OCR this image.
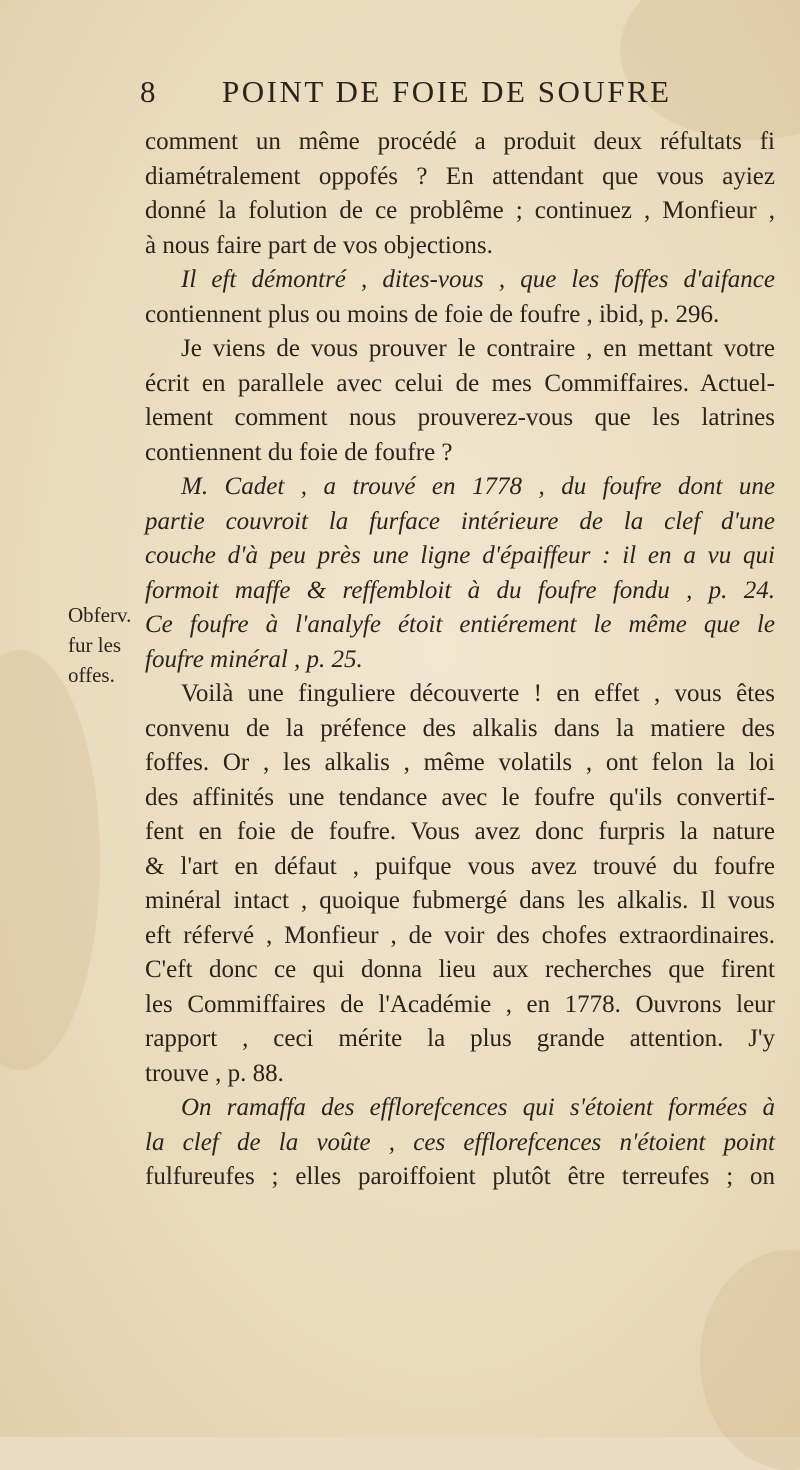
8 POINT DE FOIE DE SOUFRE
Obferv.
fur les
offes.
comment un même procédé a produit deux réfultats fi
diamétralement oppofés ? En attendant que vous ayiez
donné la folution de ce problême ; continuez , Monfieur ,
à nous faire part de vos objections.
Il eft démontré , dites-vous , que les foffes d'aifance
contiennent plus ou moins de foie de foufre , ibid, p. 296.
Je viens de vous prouver le contraire , en mettant votre
écrit en parallele avec celui de mes Commiffaires. Actuel-
lement comment nous prouverez-vous que les latrines
contiennent du foie de foufre ?
M. Cadet , a trouvé en 1778 , du foufre dont une
partie couvroit la furface intérieure de la clef d'une
couche d'à peu près une ligne d'épaiffeur : il en a vu qui
formoit maffe & reffembloit à du foufre fondu , p. 24.
Ce foufre à l'analyfe étoit entiérement le même que le
foufre minéral , p. 25.
Voilà une finguliere découverte ! en effet , vous êtes
convenu de la préfence des alkalis dans la matiere des
foffes. Or , les alkalis , même volatils , ont felon la loi
des affinités une tendance avec le foufre qu'ils convertif-
fent en foie de foufre. Vous avez donc furpris la nature
& l'art en défaut , puifque vous avez trouvé du foufre
minéral intact , quoique fubmergé dans les alkalis. Il vous
eft réfervé , Monfieur , de voir des chofes extraordinaires.
C'eft donc ce qui donna lieu aux recherches que firent
les Commiffaires de l'Académie , en 1778. Ouvrons leur
rapport , ceci mérite la plus grande attention. J'y
trouve , p. 88.
On ramaffa des efflorefcences qui s'étoient formées à
la clef de la voûte , ces efflorefcences n'étoient point
fulfureufes ; elles paroiffoient plutôt être terreufes ; on
